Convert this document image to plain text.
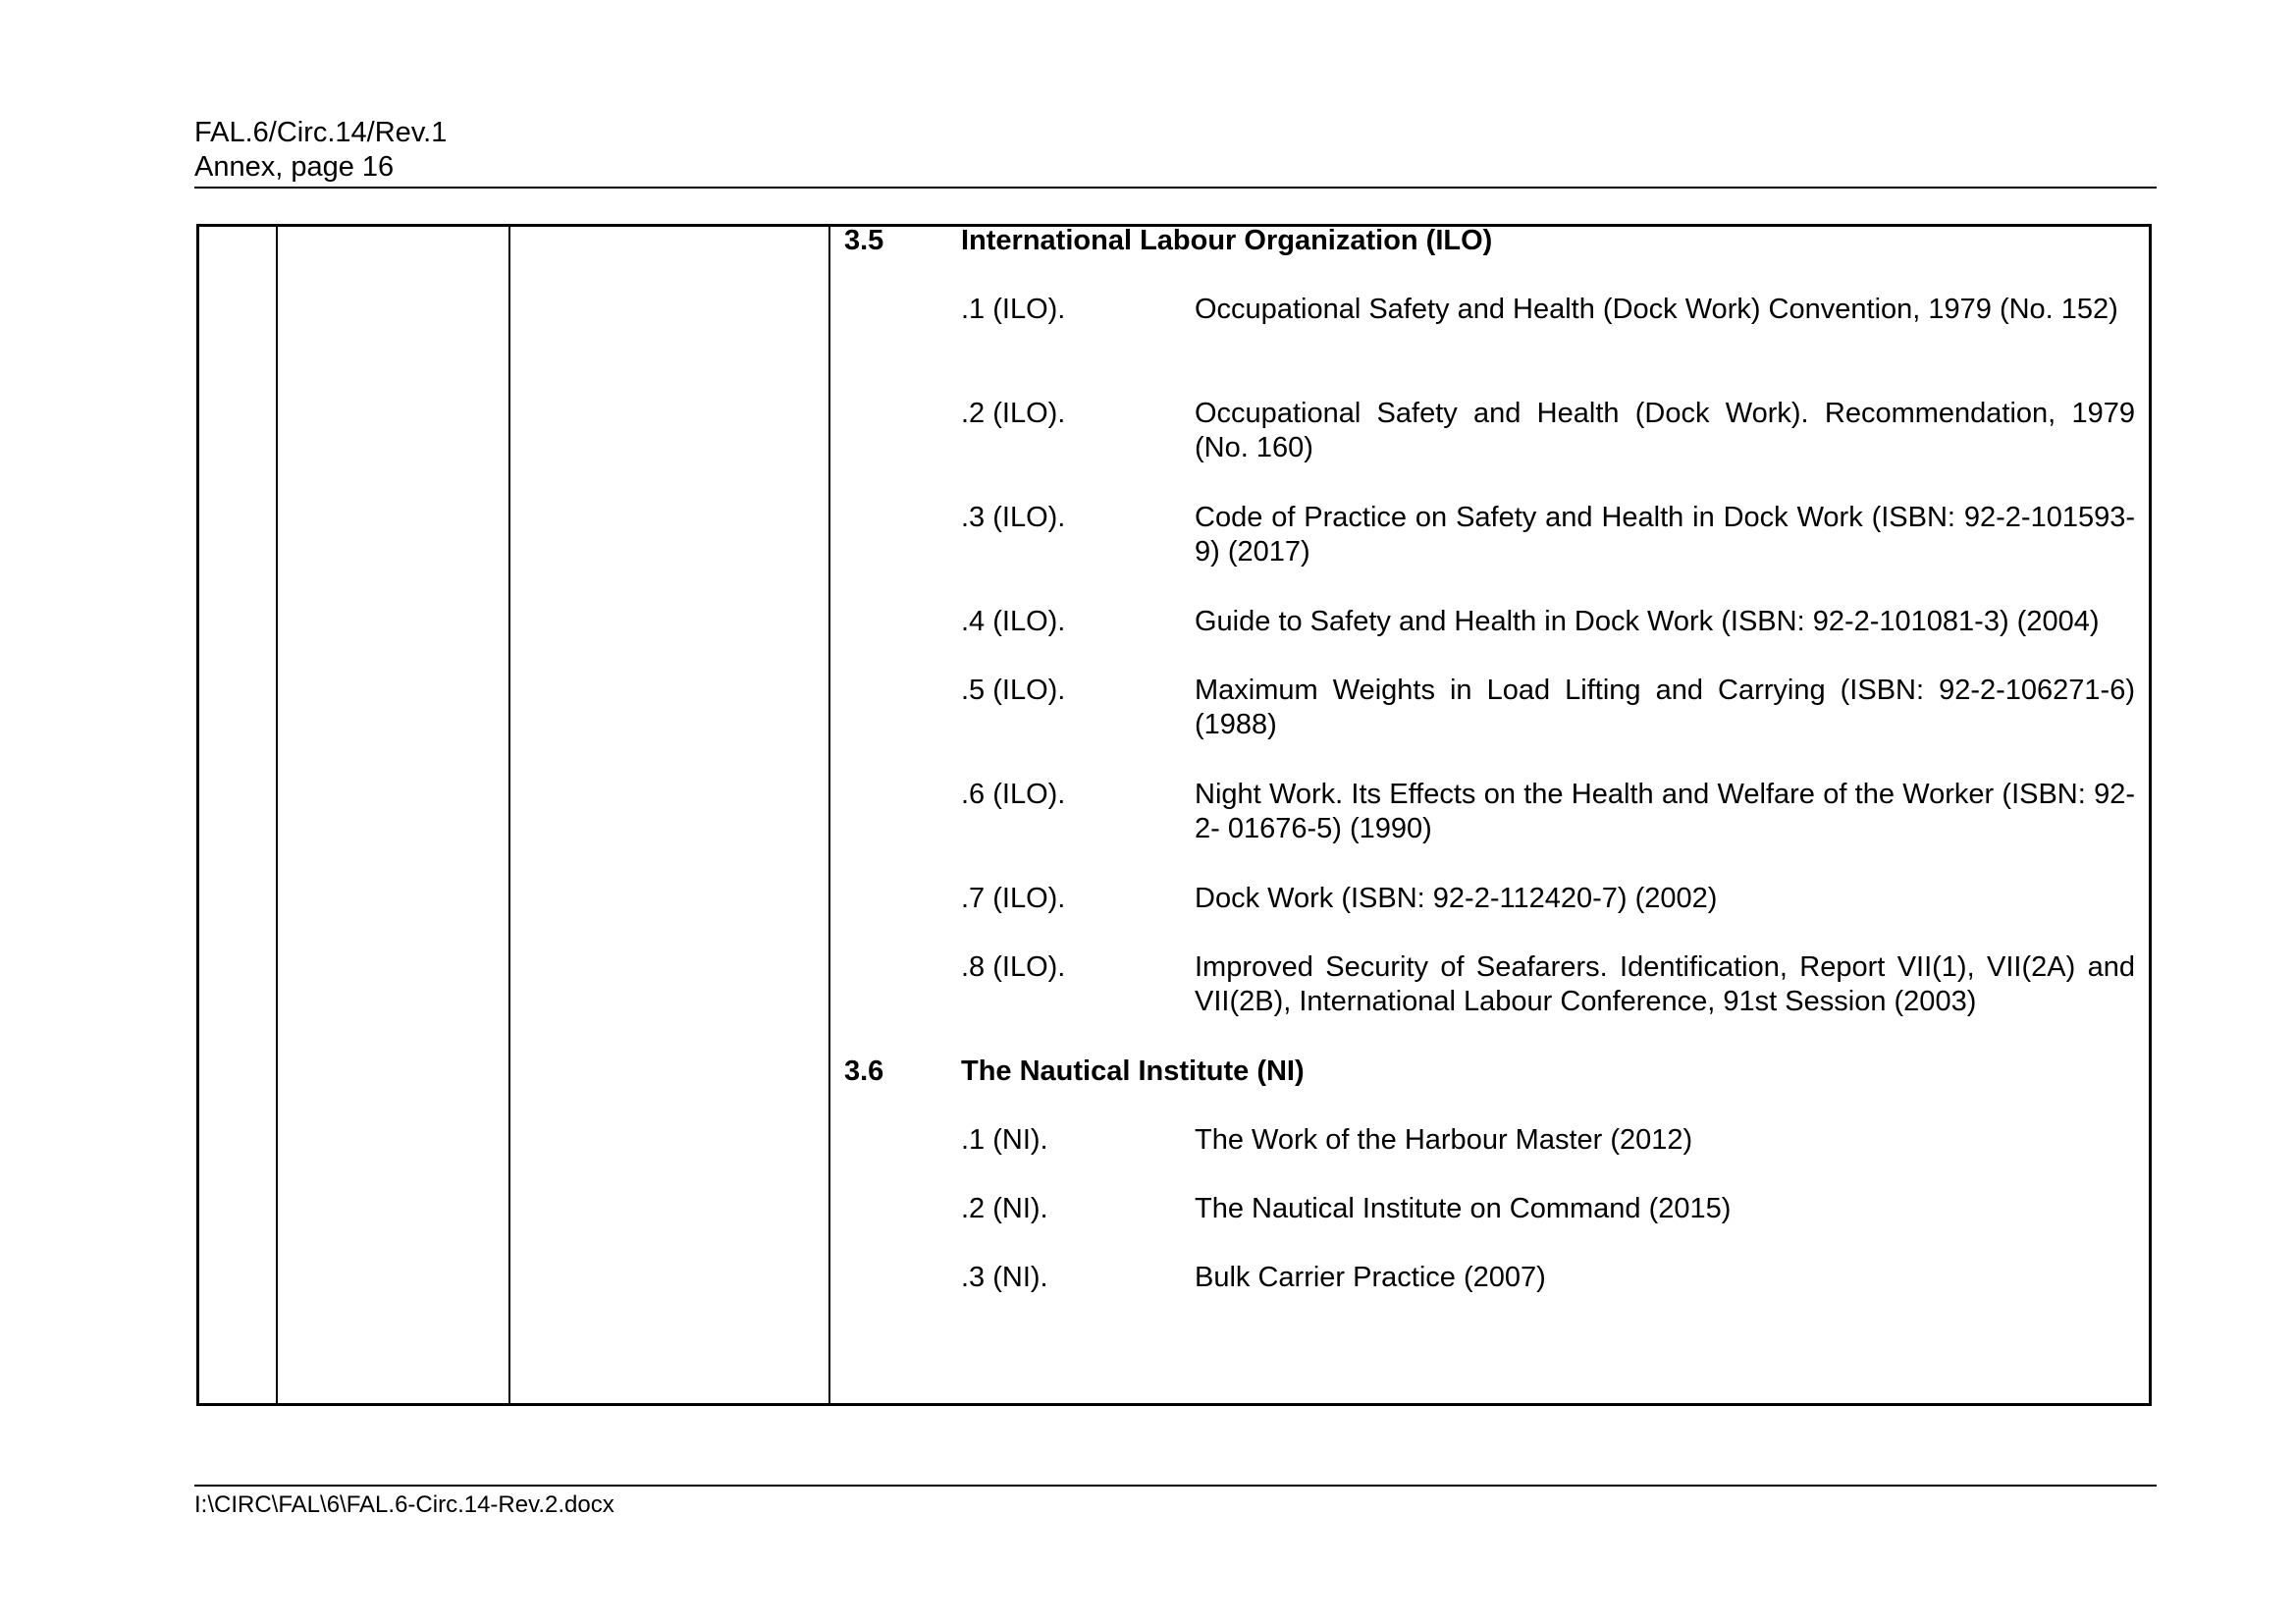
FAL.6/Circ.14/Rev.1
Annex, page 16
3.5	International Labour Organization (ILO)
.1 (ILO).	Occupational Safety and Health (Dock Work) Convention, 1979 (No. 152)
.2 (ILO).	Occupational Safety and Health (Dock Work). Recommendation, 1979 (No. 160)
.3 (ILO).	Code of Practice on Safety and Health in Dock Work (ISBN: 92-2-101593-9) (2017)
.4 (ILO).	Guide to Safety and Health in Dock Work (ISBN: 92-2-101081-3) (2004)
.5 (ILO).	Maximum Weights in Load Lifting and Carrying (ISBN: 92-2-106271-6) (1988)
.6 (ILO).	Night Work. Its Effects on the Health and Welfare of the Worker (ISBN: 92-2- 01676-5) (1990)
.7 (ILO).	Dock Work (ISBN: 92-2-112420-7) (2002)
.8 (ILO).	Improved Security of Seafarers. Identification, Report VII(1), VII(2A) and VII(2B), International Labour Conference, 91st Session (2003)
3.6	The Nautical Institute (NI)
.1 (NI).	The Work of the Harbour Master (2012)
.2 (NI).	The Nautical Institute on Command (2015)
.3 (NI).	Bulk Carrier Practice (2007)
I:\CIRC\FAL\6\FAL.6-Circ.14-Rev.2.docx
